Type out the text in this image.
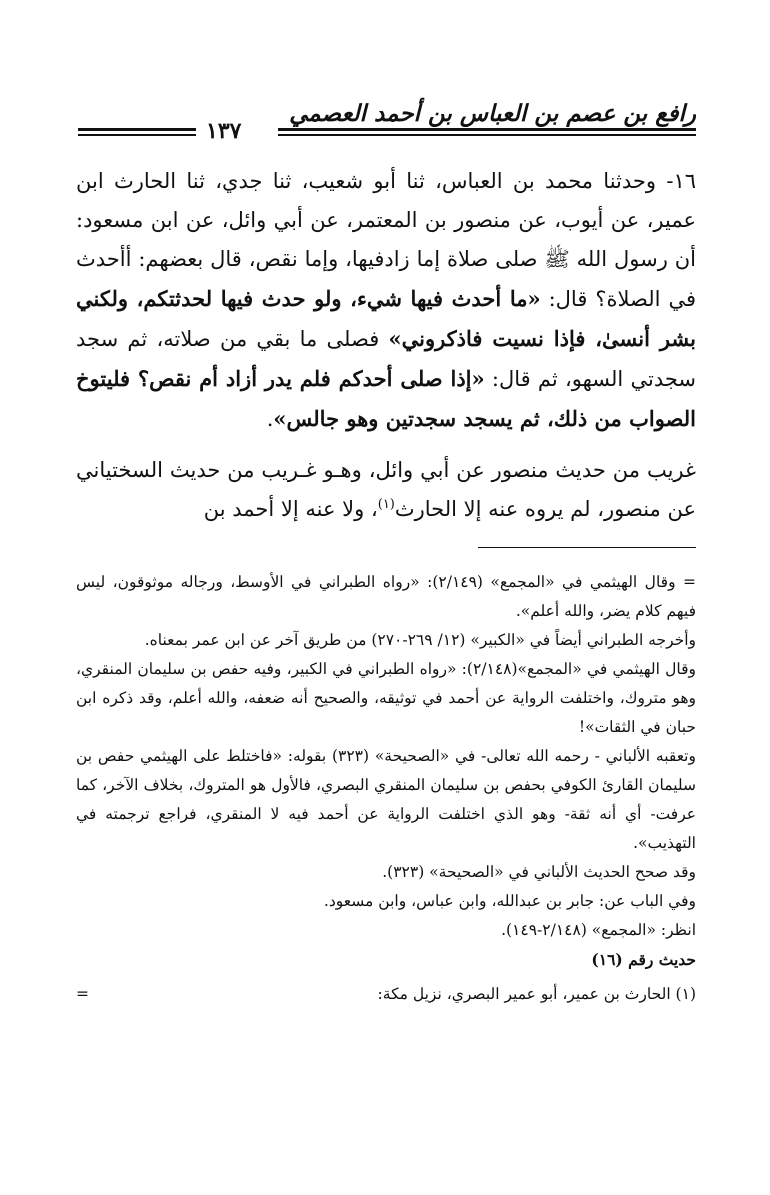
رافع بن عصم بن العباس بن أحمد العصمي
١٣٧

١٦- وحدثنا محمد بن العباس، ثنا أبو شعيب، ثنا جدي، ثنا الحارث ابن عمير، عن أيوب، عن منصور بن المعتمر، عن أبي وائل، عن ابن مسعود: أن رسول الله ﷺ صلى صلاة إما زادفيها، وإما نقص، قال بعضهم: أأحدث في الصلاة؟ قال: «ما أحدث فيها شيء، ولو حدث فيها لحدثتكم، ولكني بشر أنسىٰ، فإذا نسيت فاذكروني» فصلى ما بقي من صلاته، ثم سجد سجدتي السهو، ثم قال: «إذا صلى أحدكم فلم يدر أزاد أم نقص؟ فليتوخ الصواب من ذلك، ثم يسجد سجدتين وهو جالس».

غريب من حديث منصور عن أبي وائل، وهـو غـريب من حديث السختياني عن منصور، لم يروه عنه إلا الحارث$^{(١)}$، ولا عنه إلا أحمد بن

= وقال الهيثمي في «المجمع» (٢/١٤٩): «رواه الطبراني في الأوسط، ورجاله موثوقون، ليس فيهم كلام يضر، والله أعلم».

وأخرجه الطبراني أيضاً في «الكبير» (١٢/ ٢٦٩-٢٧٠) من طريق آخر عن ابن عمر بمعناه.

وقال الهيثمي في «المجمع»(٢/١٤٨): «رواه الطبراني في الكبير، وفيه حفص بن سليمان المنقري، وهو متروك، واختلفت الرواية عن أحمد في توثيقه، والصحيح أنه ضعفه، والله أعلم، وقد ذكره ابن حبان في الثقات»!

وتعقبه الألباني - رحمه الله تعالى- في «الصحيحة» (٣٢٣) بقوله: «فاختلط على الهيثمي حفص بن سليمان القارئ الكوفي بحفص بن سليمان المنقري البصري، فالأول هو المتروك، بخلاف الآخر، كما عرفت- أي أنه ثقة- وهو الذي اختلفت الرواية عن أحمد فيه لا المنقري، فراجع ترجمته في التهذيب».

وقد صحح الحديث الألباني في «الصحيحة» (٣٢٣).

وفي الباب عن: جابر بن عبدالله، وابن عباس، وابن مسعود.

انظر: «المجمع» (٢/١٤٨-١٤٩).

حديث رقم (١٦)

(١) الحارث بن عمير، أبو عمير البصري، نزيل مكة:
=
